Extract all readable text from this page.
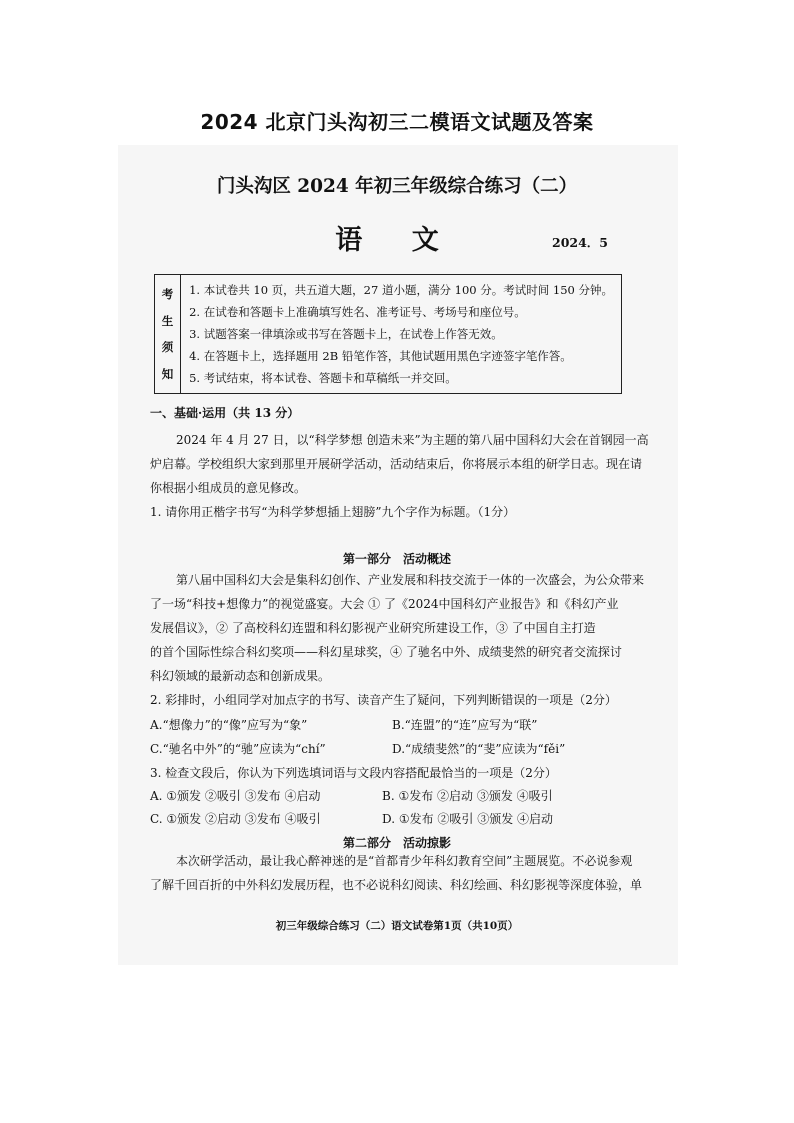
2024 北京门头沟初三二模语文试题及答案
门头沟区 2024 年初三年级综合练习（二）
语 文	2024．5
考
生
须
知
1. 本试卷共 10 页，共五道大题，27 道小题，满分 100 分。考试时间 150 分钟。
2. 在试卷和答题卡上准确填写姓名、准考证号、考场号和座位号。
3. 试题答案一律填涂或书写在答题卡上，在试卷上作答无效。
4. 在答题卡上，选择题用 2B 铅笔作答，其他试题用黑色字迹签字笔作答。
5. 考试结束，将本试卷、答题卡和草稿纸一并交回。
一、基础·运用（共 13 分）
2024 年 4 月 27 日，以“科学梦想 创造未来”为主题的第八届中国科幻大会在首钢园一高
炉启幕。学校组织大家到那里开展研学活动，活动结束后，你将展示本组的研学日志。现在请
你根据小组成员的意见修改。
1. 请你用正楷字书写“为科学梦想插上翅膀”九个字作为标题。（1分）
第一部分　活动概述
第八届中国科幻大会是集科幻创作、产业发展和科技交流于一体的一次盛会，为公众带来
了一场“科技+想像力”的视觉盛宴。大会 ① 了《2024中国科幻产业报告》和《科幻产业
发展倡议》，② 了高校科幻连盟和科幻影视产业研究所建设工作，③ 了中国自主打造
的首个国际性综合科幻奖项——科幻星球奖，④ 了驰名中外、成绩斐然的研究者交流探讨
科幻领域的最新动态和创新成果。
2. 彩排时，小组同学对加点字的书写、读音产生了疑问，下列判断错误的一项是（2分）
A.“想像力”的“像”应写为“象”	B.“连盟”的“连”应写为“联”
C.“驰名中外”的“驰”应读为“chí”	D.“成绩斐然”的“斐”应读为“fěi”
3. 检查文段后，你认为下列选填词语与文段内容搭配最恰当的一项是（2分）
A. ①颁发 ②吸引 ③发布 ④启动	B. ①发布 ②启动 ③颁发 ④吸引
C. ①颁发 ②启动 ③发布 ④吸引	D. ①发布 ②吸引 ③颁发 ④启动
第二部分　活动掠影
本次研学活动，最让我心醉神迷的是“首都青少年科幻教育空间”主题展览。不必说参观
了解千回百折的中外科幻发展历程，也不必说科幻阅读、科幻绘画、科幻影视等深度体验，单
初三年级综合练习（二）语文试卷第1页（共10页）
